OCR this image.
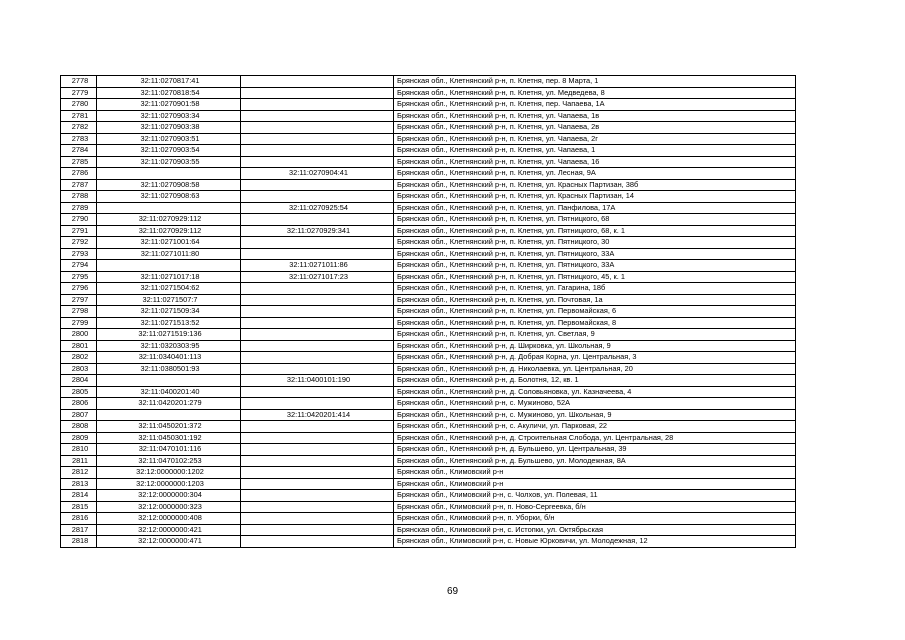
2778	32:11:0270817:41		Брянская обл., Клетнянский р-н, п. Клетня, пер. 8 Марта, 1
2779	32:11:0270818:54		Брянская обл., Клетнянский р-н, п. Клетня, ул. Медведева, 8
2780	32:11:0270901:58		Брянская обл., Клетнянский р-н, п. Клетня, пер. Чапаева, 1А
2781	32:11:0270903:34		Брянская обл., Клетнянский р-н, п. Клетня, ул. Чапаева, 1в
2782	32:11:0270903:38		Брянская обл., Клетнянский р-н, п. Клетня, ул. Чапаева, 2в
2783	32:11:0270903:51		Брянская обл., Клетнянский р-н, п. Клетня, ул. Чапаева, 2г
2784	32:11:0270903:54		Брянская обл., Клетнянский р-н, п. Клетня, ул. Чапаева, 1
2785	32:11:0270903:55		Брянская обл., Клетнянский р-н, п. Клетня, ул. Чапаева, 16
2786		32:11:0270904:41	Брянская обл., Клетнянский р-н, п. Клетня, ул. Лесная, 9А
2787	32:11:0270908:58		Брянская обл., Клетнянский р-н, п. Клетня, ул. Красных Партизан, 38б
2788	32:11:0270908:63		Брянская обл., Клетнянский р-н, п. Клетня, ул. Красных Партизан, 14
2789		32:11:0270925:54	Брянская обл., Клетнянский р-н, п. Клетня, ул. Панфилова, 17А
2790	32:11:0270929:112		Брянская обл., Клетнянский р-н, п. Клетня, ул. Пятницкого, 68
2791	32:11:0270929:112	32:11:0270929:341	Брянская обл., Клетнянский р-н, п. Клетня, ул. Пятницкого, 68, к. 1
2792	32:11:0271001:64		Брянская обл., Клетнянский р-н, п. Клетня, ул. Пятницкого, 30
2793	32:11:0271011:80		Брянская обл., Клетнянский р-н, п. Клетня, ул. Пятницкого, 33А
2794		32:11:0271011:86	Брянская обл., Клетнянский р-н, п. Клетня, ул. Пятницкого, 33А
2795	32:11:0271017:18	32:11:0271017:23	Брянская обл., Клетнянский р-н, п. Клетня, ул. Пятницкого, 45, к. 1
2796	32:11:0271504:62		Брянская обл., Клетнянский р-н, п. Клетня, ул. Гагарина, 18б
2797	32:11:0271507:7		Брянская обл., Клетнянский р-н, п. Клетня, ул. Почтовая, 1а
2798	32:11:0271509:34		Брянская обл., Клетнянский р-н, п. Клетня, ул. Первомайская, 6
2799	32:11:0271513:52		Брянская обл., Клетнянский р-н, п. Клетня, ул. Первомайская, 8
2800	32:11:0271519:136		Брянская обл., Клетнянский р-н, п. Клетня, ул. Светлая, 9
2801	32:11:0320303:95		Брянская обл., Клетнянский р-н, д. Ширковка, ул. Школьная, 9
2802	32:11:0340401:113		Брянская обл., Клетнянский р-н, д. Добрая Корна, ул. Центральная, 3
2803	32:11:0380501:93		Брянская обл., Клетнянский р-н, д. Николаевка, ул. Центральная, 20
2804		32:11:0400101:190	Брянская обл., Клетнянский р-н, д. Болотня, 12, кв. 1
2805	32:11:0400201:40		Брянская обл., Клетнянский р-н, д. Соловьяновка, ул. Казначеева, 4
2806	32:11:0420201:279		Брянская обл., Клетнянский р-н, с. Мужиново, 52А
2807		32:11:0420201:414	Брянская обл., Клетнянский р-н, с. Мужиново, ул. Школьная, 9
2808	32:11:0450201:372		Брянская обл., Клетнянский р-н, с. Акуличи, ул. Парковая, 22
2809	32:11:0450301:192		Брянская обл., Клетнянский р-н, д. Строительная Слобода, ул. Центральная, 28
2810	32:11:0470101:116		Брянская обл., Клетнянский р-н, д. Бульшево, ул. Центральная, 39
2811	32:11:0470102:253		Брянская обл., Клетнянский р-н, д. Бульшево, ул. Молодежная, 8А
2812	32:12:0000000:1202		Брянская обл., Климовский р-н
2813	32:12:0000000:1203		Брянская обл., Климовский р-н
2814	32:12:0000000:304		Брянская обл., Климовский р-н, с. Чолхов, ул. Полевая, 11
2815	32:12:0000000:323		Брянская обл., Климовский р-н, п. Ново-Сергеевка, б/н
2816	32:12:0000000:408		Брянская обл., Климовский р-н, п. Уборки, б/н
2817	32:12:0000000:421		Брянская обл., Климовский р-н, с. Истопки, ул. Октябрьская
2818	32:12:0000000:471		Брянская обл., Климовский р-н, с. Новые Юрковичи, ул. Молодежная, 12
69
